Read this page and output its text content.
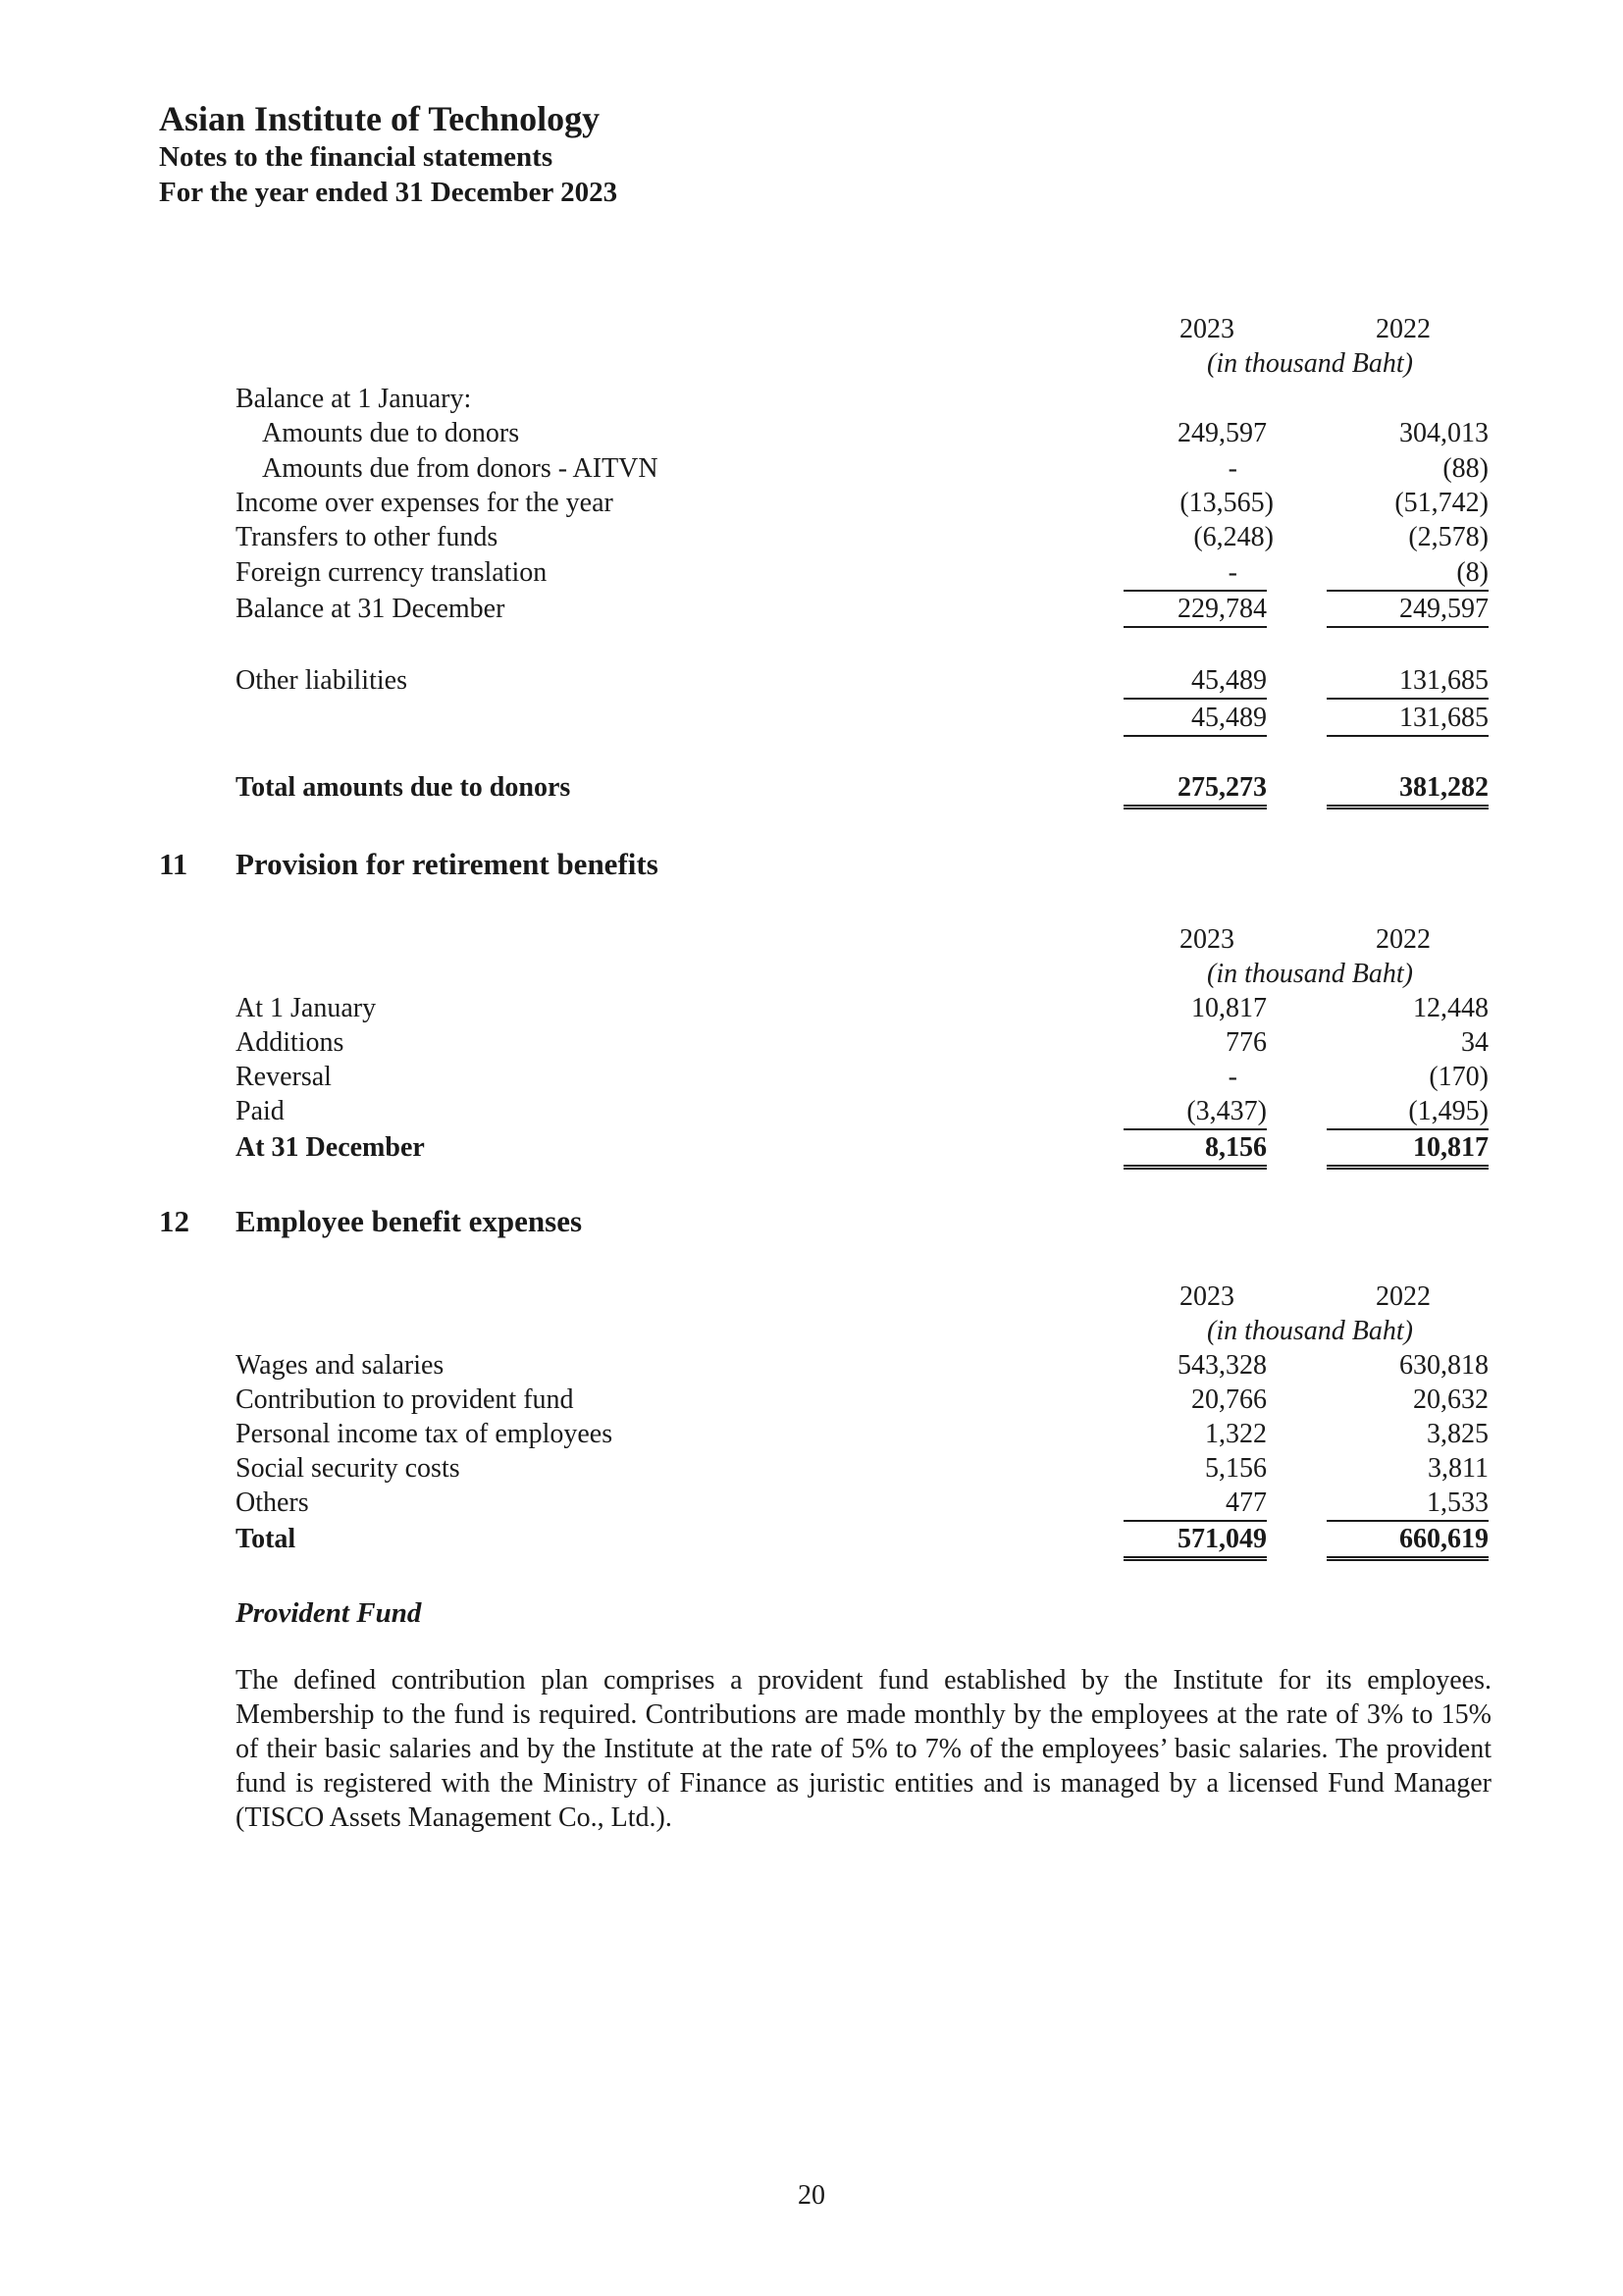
Asian Institute of Technology
Notes to the financial statements
For the year ended 31 December 2023
2023	2022
(in thousand Baht)
Balance at 1 January:
Amounts due to donors	249,597	304,013
Amounts due from donors - AITVN	-	(88)
Income over expenses for the year	(13,565)	(51,742)
Transfers to other funds	(6,248)	(2,578)
Foreign currency translation	-	(8)
Balance at 31 December	229,784	249,597
Other liabilities	45,489	131,685
45,489	131,685
Total amounts due to donors	275,273	381,282
11 Provision for retirement benefits
2023	2022
(in thousand Baht)
At 1 January	10,817	12,448
Additions	776	34
Reversal	-	(170)
Paid	(3,437)	(1,495)
At 31 December	8,156	10,817
12 Employee benefit expenses
2023	2022
(in thousand Baht)
Wages and salaries	543,328	630,818
Contribution to provident fund	20,766	20,632
Personal income tax of employees	1,322	3,825
Social security costs	5,156	3,811
Others	477	1,533
Total	571,049	660,619
Provident Fund
The defined contribution plan comprises a provident fund established by the Institute for its employees. Membership to the fund is required. Contributions are made monthly by the employees at the rate of 3% to 15% of their basic salaries and by the Institute at the rate of 5% to 7% of the employees’ basic salaries. The provident fund is registered with the Ministry of Finance as juristic entities and is managed by a licensed Fund Manager (TISCO Assets Management Co., Ltd.).
20
